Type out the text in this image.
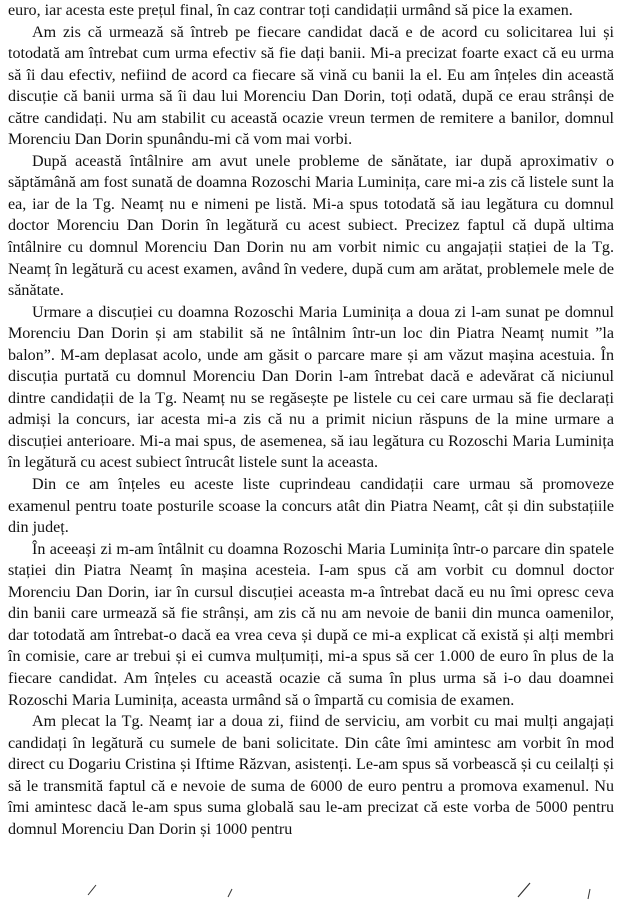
euro, iar acesta este prețul final, în caz contrar toți candidații urmând să pice la examen.

Am zis că urmează să întreb pe fiecare candidat dacă e de acord cu solicitarea lui și totodată am întrebat cum urma efectiv să fie dați banii. Mi-a precizat foarte exact că eu urma să îi dau efectiv, nefiind de acord ca fiecare să vină cu banii la el. Eu am înțeles din această discuție că banii urma să îi dau lui Morenciu Dan Dorin, toți odată, după ce erau strânși de către candidați. Nu am stabilit cu această ocazie vreun termen de remitere a banilor, domnul Morenciu Dan Dorin spunându-mi că vom mai vorbi.

După această întâlnire am avut unele probleme de sănătate, iar după aproximativ o săptămână am fost sunată de doamna Rozoschi Maria Luminița, care mi-a zis că listele sunt la ea, iar de la Tg. Neamț nu e nimeni pe listă. Mi-a spus totodată să iau legătura cu domnul doctor Morenciu Dan Dorin în legătură cu acest subiect. Precizez faptul că după ultima întâlnire cu domnul Morenciu Dan Dorin nu am vorbit nimic cu angajații stației de la Tg. Neamț în legătură cu acest examen, având în vedere, după cum am arătat, problemele mele de sănătate.

Urmare a discuției cu doamna Rozoschi Maria Luminița a doua zi l-am sunat pe domnul Morenciu Dan Dorin și am stabilit să ne întâlnim într-un loc din Piatra Neamț numit ”la balon”. M-am deplasat acolo, unde am găsit o parcare mare și am văzut mașina acestuia. În discuția purtată cu domnul Morenciu Dan Dorin l-am întrebat dacă e adevărat că niciunul dintre candidații de la Tg. Neamț nu se regăsește pe listele cu cei care urmau să fie declarați admiși la concurs, iar acesta mi-a zis că nu a primit niciun răspuns de la mine urmare a discuției anterioare. Mi-a mai spus, de asemenea, să iau legătura cu Rozoschi Maria Luminița în legătură cu acest subiect întrucât listele sunt la aceasta.

Din ce am înțeles eu aceste liste cuprindeau candidații care urmau să promoveze examenul pentru toate posturile scoase la concurs atât din Piatra Neamț, cât și din substațiile din județ.

În aceeași zi m-am întâlnit cu doamna Rozoschi Maria Luminița într-o parcare din spatele stației din Piatra Neamț în mașina acesteia. I-am spus că am vorbit cu domnul doctor Morenciu Dan Dorin, iar în cursul discuției aceasta m-a întrebat dacă eu nu îmi opresc ceva din banii care urmează să fie strânși, am zis că nu am nevoie de banii din munca oamenilor, dar totodată am întrebat-o dacă ea vrea ceva și după ce mi-a explicat că există și alți membri în comisie, care ar trebui și ei cumva mulțumiți, mi-a spus să cer 1.000 de euro în plus de la fiecare candidat. Am înțeles cu această ocazie că suma în plus urma să i-o dau doamnei Rozoschi Maria Luminița, aceasta urmând să o împartă cu comisia de examen.

Am plecat la Tg. Neamț iar a doua zi, fiind de serviciu, am vorbit cu mai mulți angajați candidați în legătură cu sumele de bani solicitate. Din câte îmi amintesc am vorbit în mod direct cu Dogariu Cristina și Iftime Răzvan, asistenți. Le-am spus să vorbească și cu ceilalți și să le transmită faptul că e nevoie de suma de 6000 de euro pentru a promova examenul. Nu îmi amintesc dacă le-am spus suma globală sau le-am precizat că este vorba de 5000 pentru domnul Morenciu Dan Dorin și 1000 pentru
